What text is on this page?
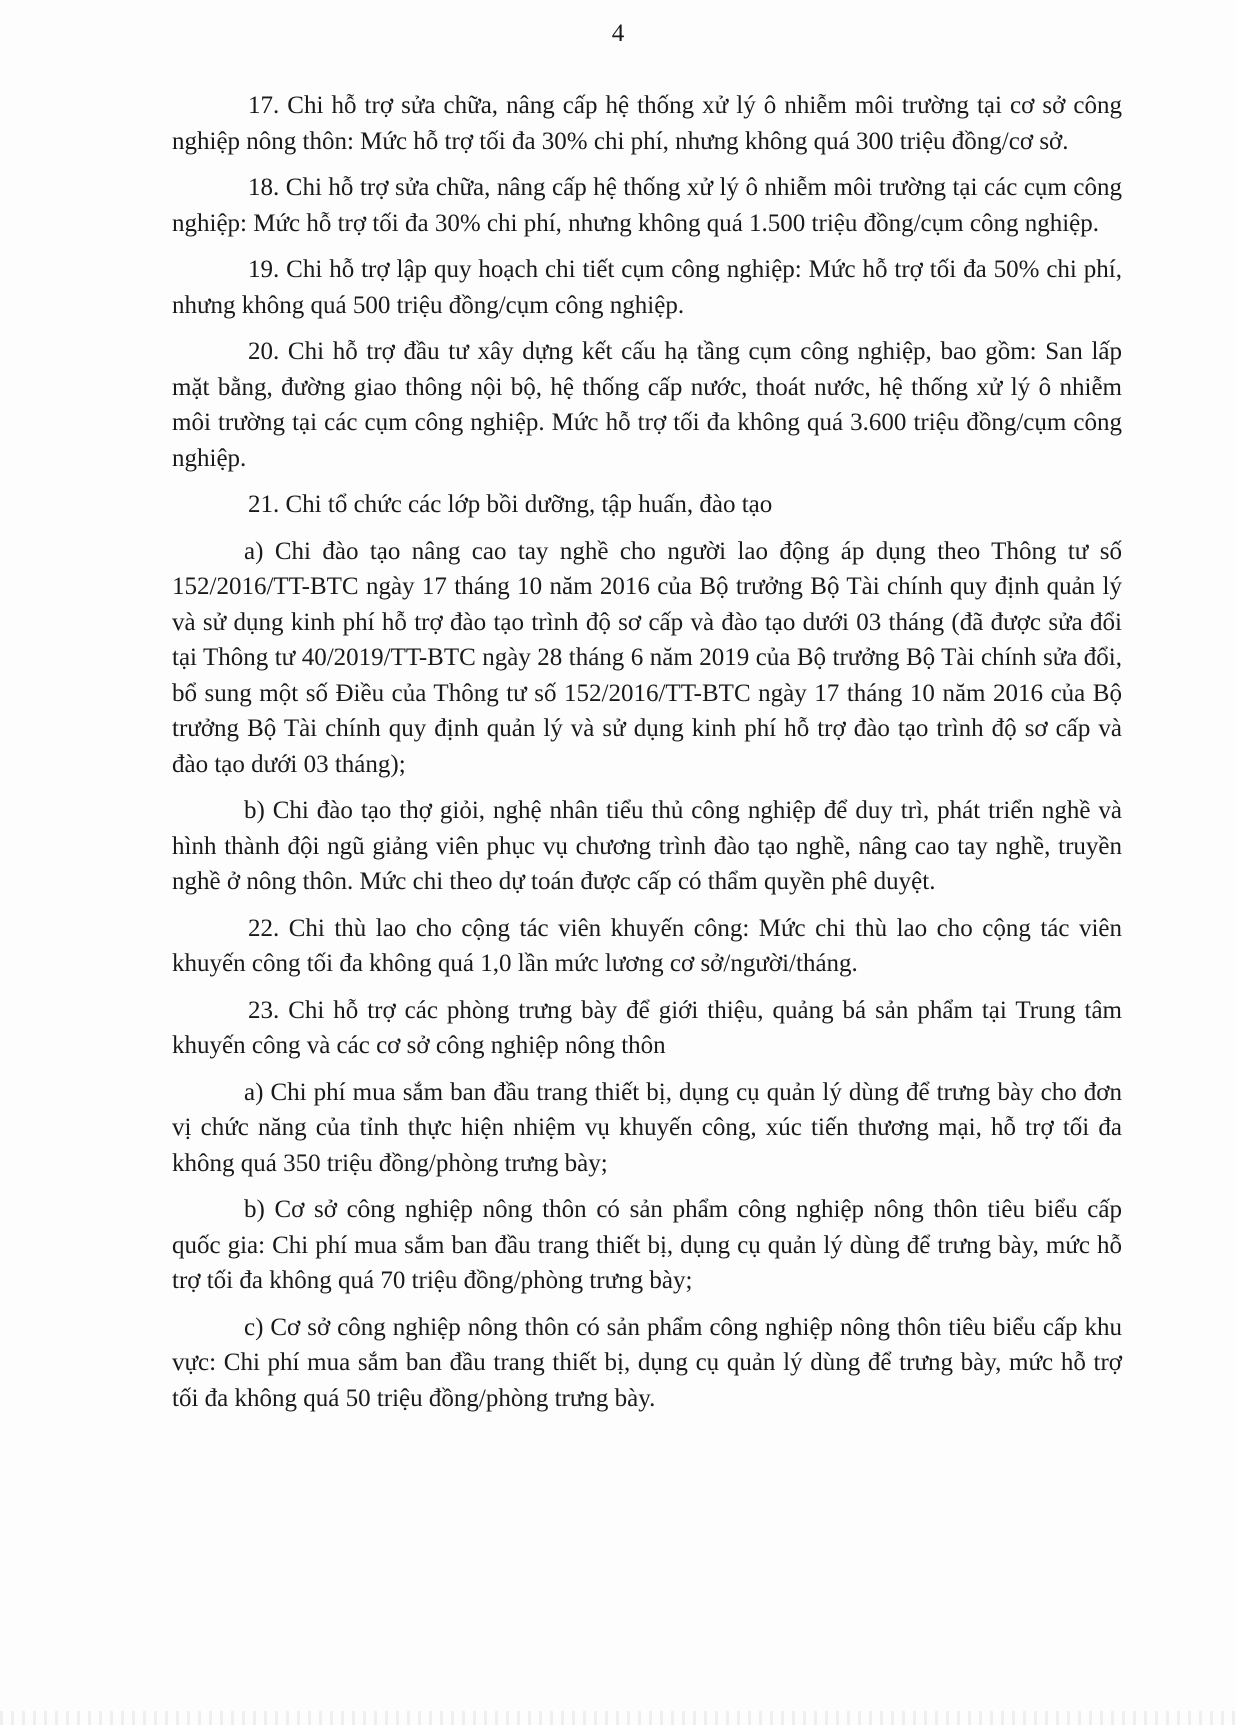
4

17. Chi hỗ trợ sửa chữa, nâng cấp hệ thống xử lý ô nhiễm môi trường tại cơ sở công nghiệp nông thôn: Mức hỗ trợ tối đa 30% chi phí, nhưng không quá 300 triệu đồng/cơ sở.

18. Chi hỗ trợ sửa chữa, nâng cấp hệ thống xử lý ô nhiễm môi trường tại các cụm công nghiệp: Mức hỗ trợ tối đa 30% chi phí, nhưng không quá 1.500 triệu đồng/cụm công nghiệp.

19. Chi hỗ trợ lập quy hoạch chi tiết cụm công nghiệp: Mức hỗ trợ tối đa 50% chi phí, nhưng không quá 500 triệu đồng/cụm công nghiệp.

20. Chi hỗ trợ đầu tư xây dựng kết cấu hạ tầng cụm công nghiệp, bao gồm: San lấp mặt bằng, đường giao thông nội bộ, hệ thống cấp nước, thoát nước, hệ thống xử lý ô nhiễm môi trường tại các cụm công nghiệp. Mức hỗ trợ tối đa không quá 3.600 triệu đồng/cụm công nghiệp.

21. Chi tổ chức các lớp bồi dưỡng, tập huấn, đào tạo

a) Chi đào tạo nâng cao tay nghề cho người lao động áp dụng theo Thông tư số 152/2016/TT-BTC ngày 17 tháng 10 năm 2016 của Bộ trưởng Bộ Tài chính quy định quản lý và sử dụng kinh phí hỗ trợ đào tạo trình độ sơ cấp và đào tạo dưới 03 tháng (đã được sửa đổi tại Thông tư 40/2019/TT-BTC ngày 28 tháng 6 năm 2019 của Bộ trưởng Bộ Tài chính sửa đổi, bổ sung một số Điều của Thông tư số 152/2016/TT-BTC ngày 17 tháng 10 năm 2016 của Bộ trưởng Bộ Tài chính quy định quản lý và sử dụng kinh phí hỗ trợ đào tạo trình độ sơ cấp và đào tạo dưới 03 tháng);

b) Chi đào tạo thợ giỏi, nghệ nhân tiểu thủ công nghiệp để duy trì, phát triển nghề và hình thành đội ngũ giảng viên phục vụ chương trình đào tạo nghề, nâng cao tay nghề, truyền nghề ở nông thôn. Mức chi theo dự toán được cấp có thẩm quyền phê duyệt.

22. Chi thù lao cho cộng tác viên khuyến công: Mức chi thù lao cho cộng tác viên khuyến công tối đa không quá 1,0 lần mức lương cơ sở/người/tháng.

23. Chi hỗ trợ các phòng trưng bày để giới thiệu, quảng bá sản phẩm tại Trung tâm khuyến công và các cơ sở công nghiệp nông thôn

a) Chi phí mua sắm ban đầu trang thiết bị, dụng cụ quản lý dùng để trưng bày cho đơn vị chức năng của tỉnh thực hiện nhiệm vụ khuyến công, xúc tiến thương mại, hỗ trợ tối đa không quá 350 triệu đồng/phòng trưng bày;

b) Cơ sở công nghiệp nông thôn có sản phẩm công nghiệp nông thôn tiêu biểu cấp quốc gia: Chi phí mua sắm ban đầu trang thiết bị, dụng cụ quản lý dùng để trưng bày, mức hỗ trợ tối đa không quá 70 triệu đồng/phòng trưng bày;

c) Cơ sở công nghiệp nông thôn có sản phẩm công nghiệp nông thôn tiêu biểu cấp khu vực: Chi phí mua sắm ban đầu trang thiết bị, dụng cụ quản lý dùng để trưng bày, mức hỗ trợ tối đa không quá 50 triệu đồng/phòng trưng bày.
